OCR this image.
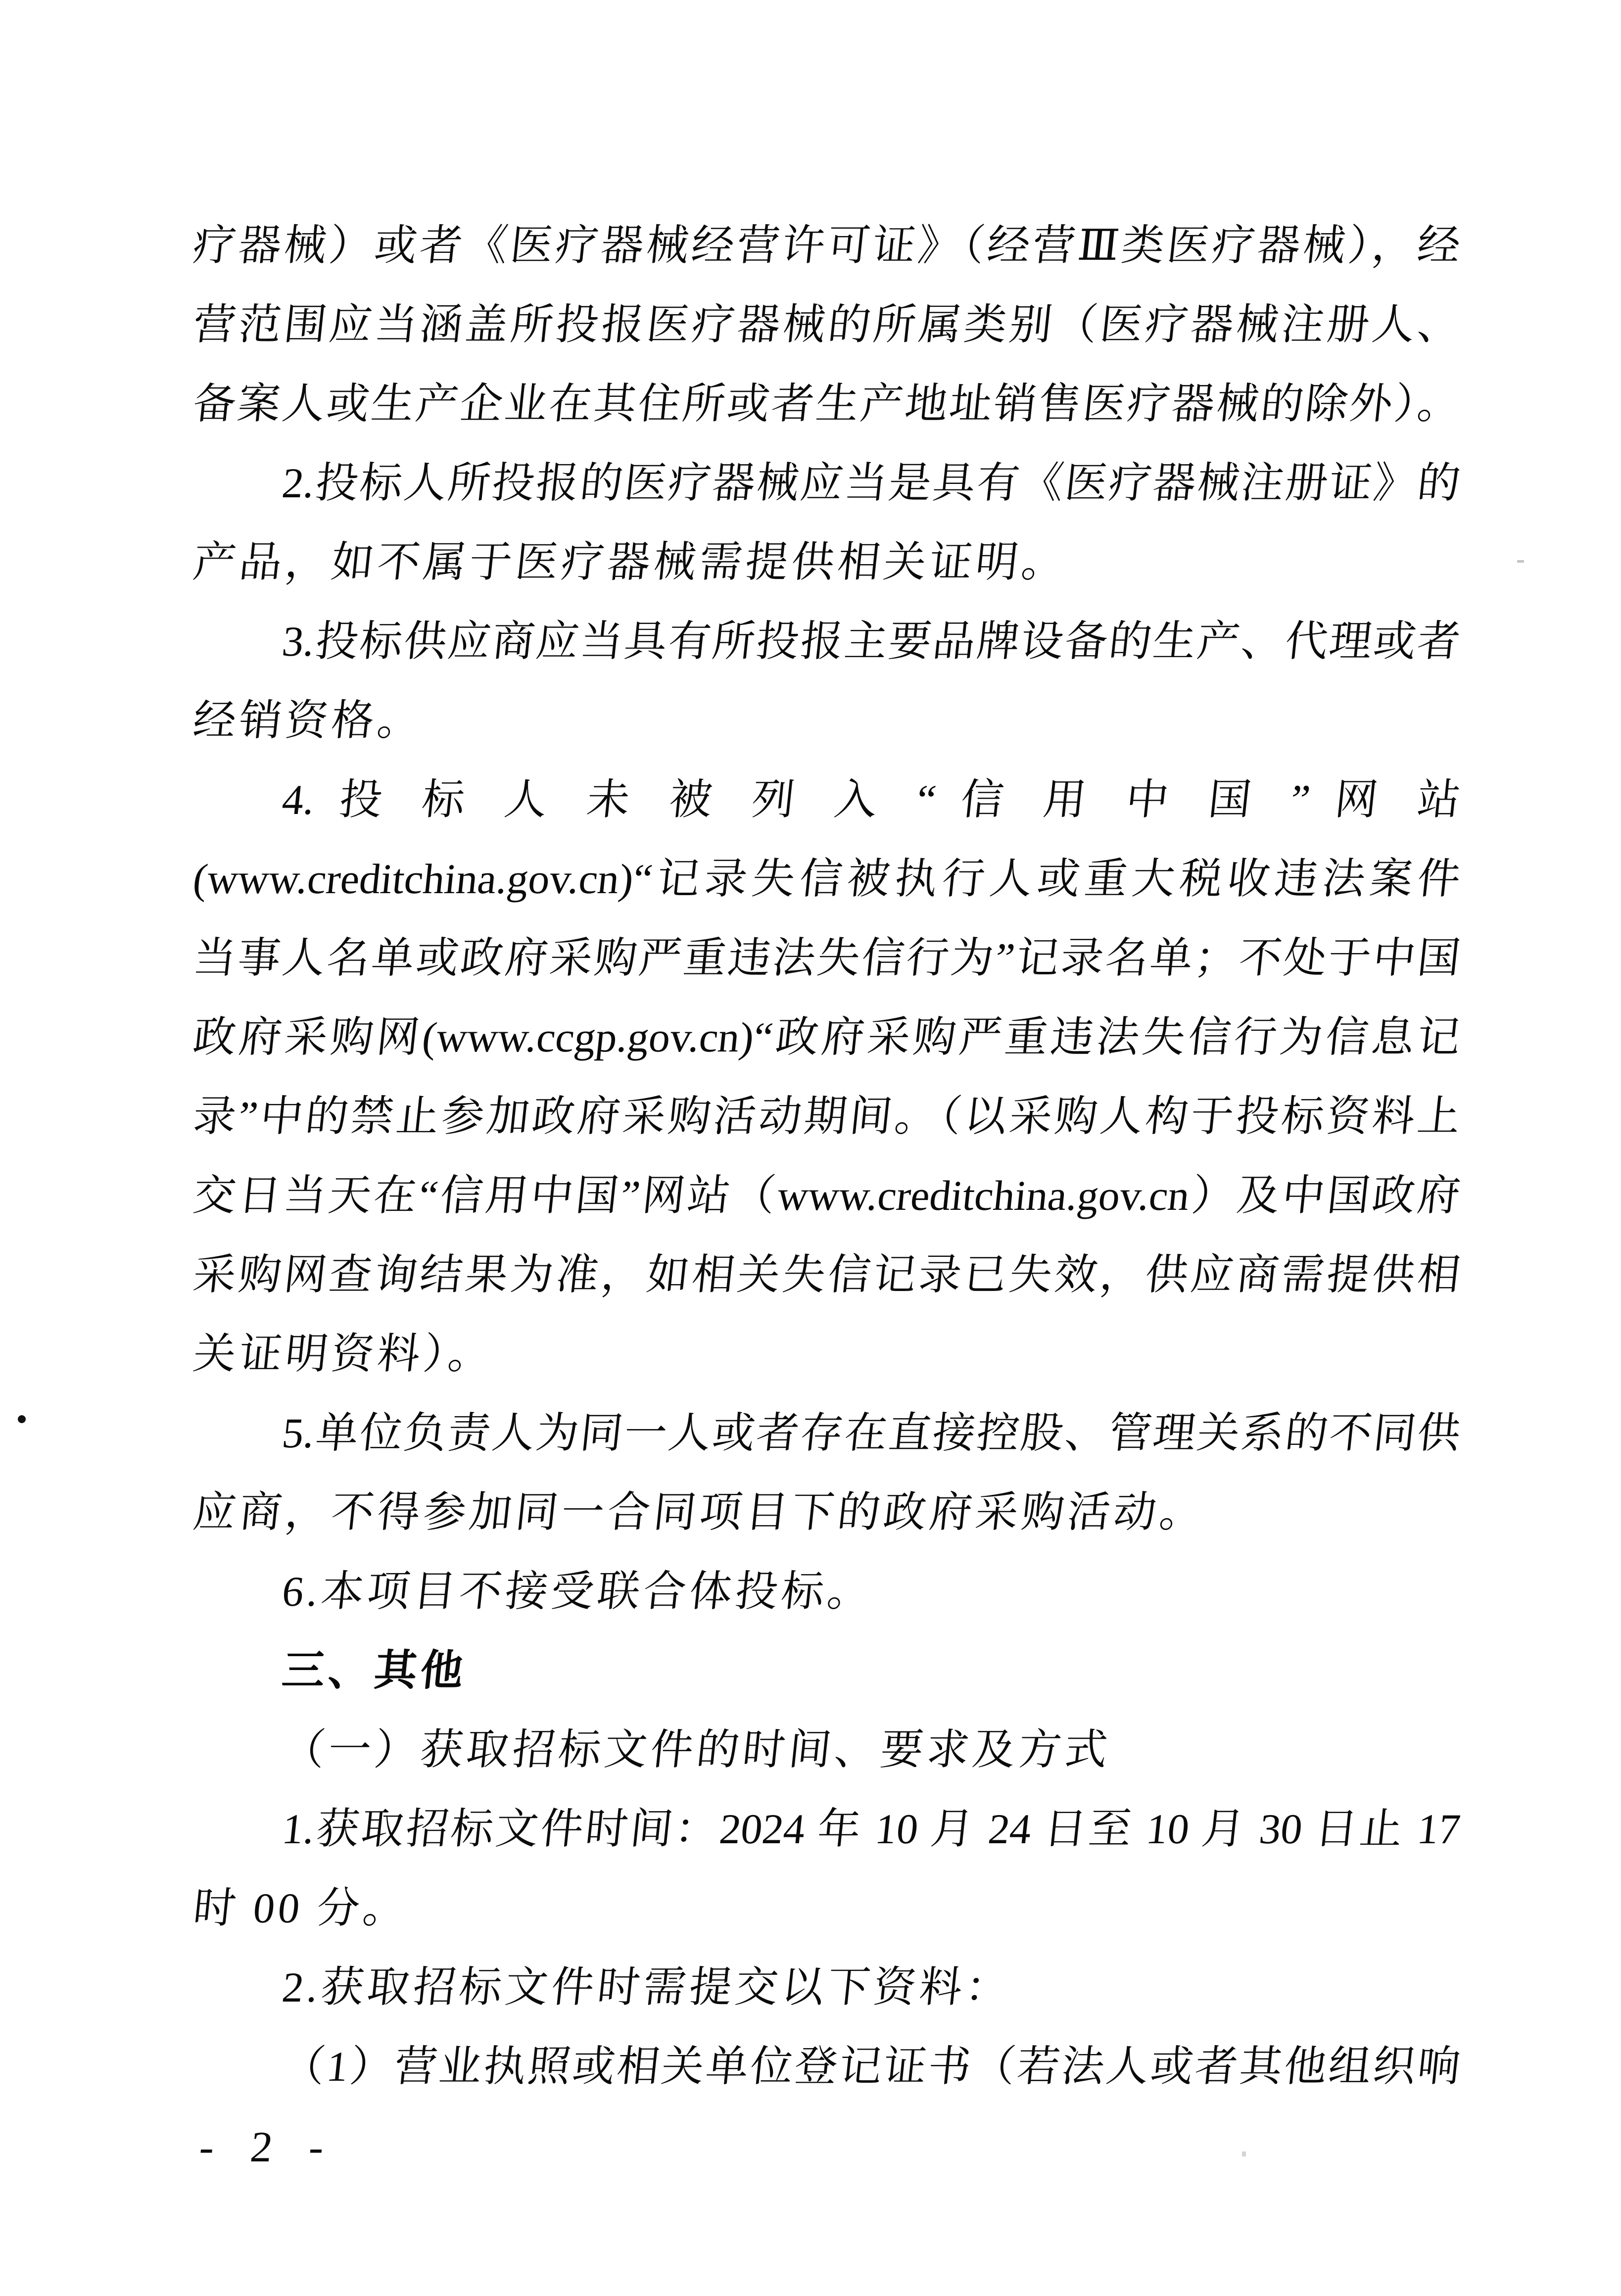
疗器械）或者《医疗器械经营许可证》（经营Ⅲ类医疗器械），经
营范围应当涵盖所投报医疗器械的所属类别（医疗器械注册人、
备案人或生产企业在其住所或者生产地址销售医疗器械的除外）。
2.投标人所投报的医疗器械应当是具有《医疗器械注册证》的
产品，如不属于医疗器械需提供相关证明。
3.投标供应商应当具有所投报主要品牌设备的生产、代理或者
经销资格。
4. 投 标 人 未 被 列 入 “ 信 用 中 国 ” 网 站
(www.creditchina.gov.cn)“记录失信被执行人或重大税收违法案件
当事人名单或政府采购严重违法失信行为”记录名单；不处于中国
政府采购网(www.ccgp.gov.cn)“政府采购严重违法失信行为信息记
录”中的禁止参加政府采购活动期间。（以采购人构于投标资料上
交日当天在“信用中国”网站（www.creditchina.gov.cn）及中国政府
采购网查询结果为准，如相关失信记录已失效，供应商需提供相
关证明资料）。
5.单位负责人为同一人或者存在直接控股、管理关系的不同供
应商，不得参加同一合同项目下的政府采购活动。
6.本项目不接受联合体投标。
三、其他
（一）获取招标文件的时间、要求及方式
1.获取招标文件时间：2024 年 10 月 24 日至 10 月 30 日止 17
时 00 分。
2.获取招标文件时需提交以下资料：
（1）营业执照或相关单位登记证书（若法人或者其他组织响
- 2 -
